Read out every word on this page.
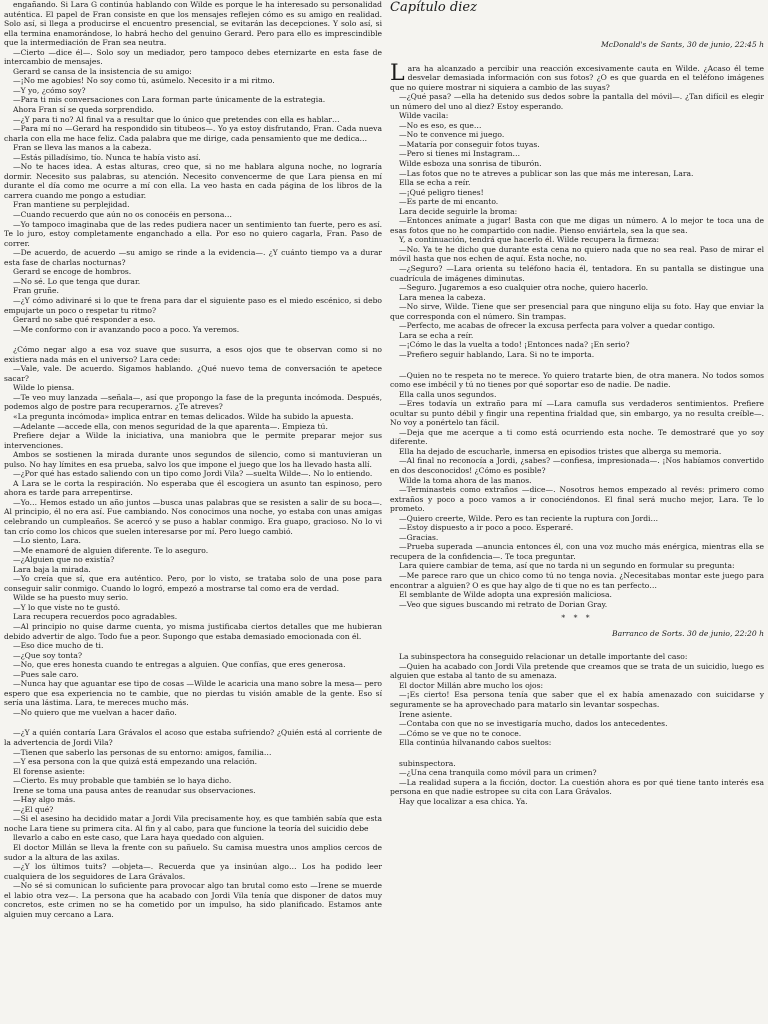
engañando. Si Lara G continúa hablando con Wilde es porque le ha interesado su personalidad auténtica. El papel de Fran consiste en que los mensajes reflejen cómo es su amigo en realidad. Solo así, si llega a producirse el encuentro presencial, se evitarán las decepciones. Y solo así, si ella termina enamorándose, lo habrá hecho del genuino Gerard. Pero para ello es imprescindible que la intermediación de Fran sea neutra.

—Cierto —dice él—. Solo soy un mediador, pero tampoco debes eternizarte en esta fase de intercambio de mensajes.

Gerard se cansa de la insistencia de su amigo:

—¡No me agobies! No soy como tú, asúmelo. Necesito ir a mi ritmo.

—Y yo, ¿cómo soy?

—Para ti mis conversaciones con Lara forman parte únicamente de la estrategia.

Ahora Fran sí se queda sorprendido.

—¿Y para ti no? Al final va a resultar que lo único que pretendes con ella es hablar…

—Para mí no —Gerard ha respondido sin titubeos—. Yo ya estoy disfrutando, Fran. Cada nueva charla con ella me hace feliz. Cada palabra que me dirige, cada pensamiento que me dedica…

Fran se lleva las manos a la cabeza.

—Estás pilladísimo, tío. Nunca te había visto así.

—No te haces idea. A estas alturas, creo que, si no me hablara alguna noche, no lograría dormir. Necesito sus palabras, su atención. Necesito convencerme de que Lara piensa en mí durante el día como me ocurre a mí con ella. La veo hasta en cada página de los libros de la carrera cuando me pongo a estudiar.

Fran mantiene su perplejidad.

—Cuando recuerdo que aún no os conocéis en persona…

—Yo tampoco imaginaba que de las redes pudiera nacer un sentimiento tan fuerte, pero es así. Te lo juro, estoy completamente enganchado a ella. Por eso no quiero cagarla, Fran. Paso de correr.

—De acuerdo, de acuerdo —su amigo se rinde a la evidencia—. ¿Y cuánto tiempo va a durar esta fase de charlas nocturnas?

Gerard se encoge de hombros.

—No sé. Lo que tenga que durar.

Fran gruñe.

—¿Y cómo adivinaré si lo que te frena para dar el siguiente paso es el miedo escénico, si debo empujarte un poco o respetar tu ritmo?

Gerard no sabe qué responder a eso.

—Me conformo con ir avanzando poco a poco. Ya veremos.

¿Cómo negar algo a esa voz suave que susurra, a esos ojos que te observan como si no existiera nada más en el universo? Lara cede:

—Vale, vale. De acuerdo. Sigamos hablando. ¿Qué nuevo tema de conversación te apetece sacar?

Wilde lo piensa.

—Te veo muy lanzada —señala—, así que propongo la fase de la pregunta incómoda. Después, podemos algo de postre para recuperarnos. ¿Te atreves?

«La pregunta incómoda» implica entrar en temas delicados. Wilde ha subido la apuesta.

—Adelante —accede ella, con menos seguridad de la que aparenta—. Empieza tú.

Prefiere dejar a Wilde la iniciativa, una maniobra que le permite preparar mejor sus intervenciones.

Ambos se sostienen la mirada durante unos segundos de silencio, como si mantuvieran un pulso. No hay límites en esa prueba, salvo los que impone el juego que los ha llevado hasta allí.

—¿Por qué has estado saliendo con un tipo como Jordi Vila? —suelta Wilde—. No lo entiendo.

A Lara se le corta la respiración. No esperaba que él escogiera un asunto tan espinoso, pero ahora es tarde para arrepentirse.

—Yo… Hemos estado un año juntos —busca unas palabras que se resisten a salir de su boca—. Al principio, él no era así. Fue cambiando. Nos conocimos una noche, yo estaba con unas amigas celebrando un cumpleaños. Se acercó y se puso a hablar conmigo. Era guapo, gracioso. No lo vi tan crío como los chicos que suelen interesarse por mí. Pero luego cambió.

—Lo siento, Lara.

—Me enamoré de alguien diferente. Te lo aseguro.

—¿Alguien que no existía?

Lara baja la mirada.

—Yo creía que sí, que era auténtico. Pero, por lo visto, se trataba solo de una pose para conseguir salir conmigo. Cuando lo logró, empezó a mostrarse tal como era de verdad.

Wilde se ha puesto muy serio.

—Y lo que viste no te gustó.

Lara recupera recuerdos poco agradables.

—Al principio no quise darme cuenta, yo misma justificaba ciertos detalles que me hubieran debido advertir de algo. Todo fue a peor. Supongo que estaba demasiado emocionada con él.

—Eso dice mucho de ti.

—¿Que soy tonta?

—No, que eres honesta cuando te entregas a alguien. Que confías, que eres generosa.

—Pues sale caro.

—Nunca hay que aguantar ese tipo de cosas —Wilde le acaricia una mano sobre la mesa— pero espero que esa experiencia no te cambie, que no pierdas tu visión amable de la gente. Eso sí sería una lástima. Lara, te mereces mucho más.

—No quiero que me vuelvan a hacer daño.

—¿Y a quién contaría Lara Grávalos el acoso que estaba sufriendo? ¿Quién está al corriente de la advertencia de Jordi Vila?

—Tienen que saberlo las personas de su entorno: amigos, familia…

—Y esa persona con la que quizá está empezando una relación.

El forense asiente:

—Cierto. Es muy probable que también se lo haya dicho.

Irene se toma una pausa antes de reanudar sus observaciones.

—Hay algo más.

—¿El qué?

—Si el asesino ha decidido matar a Jordi Vila precisamente hoy, es que también sabía que esta noche Lara tiene su primera cita. Al fin y al cabo, para que funcione la teoría del suicidio debe

llevarlo a cabo en este caso, que Lara haya quedado con alguien.

El doctor Millán se lleva la frente con su pañuelo. Su camisa muestra unos amplios cercos de sudor a la altura de las axilas.

—¿Y los últimos tuits? —objeta—. Recuerda que ya insinúan algo… Los ha podido leer cualquiera de los seguidores de Lara Grávalos.

—No sé si comunican lo suficiente para provocar algo tan brutal como esto —Irene se muerde el labio otra vez—. La persona que ha acabado con Jordi Vila tenía que disponer de datos muy concretos, este crimen no se ha cometido por un impulso, ha sido planificado. Estamos ante alguien muy cercano a Lara.

Capítulo diez
McDonald's de Sants, 30 de junio, 22:45 h

Lara ha alcanzado a percibir una reacción excesivamente cauta en Wilde. ¿Acaso él teme desvelar demasiada información con sus fotos? ¿O es que guarda en el teléfono imágenes que no quiere mostrar ni siquiera a cambio de las suyas?

—¿Qué pasa? —ella ha detenido sus dedos sobre la pantalla del móvil—. ¿Tan difícil es elegir un número del uno al diez? Estoy esperando.

Wilde vacila:

—No es eso, es que…

—No te convence mi juego.

—Mataría por conseguir fotos tuyas.

—Pero si tienes mi Instagram…

Wilde esboza una sonrisa de tiburón.

—Las fotos que no te atreves a publicar son las que más me interesan, Lara.

Ella se echa a reír.

—¡Qué peligro tienes!

—Es parte de mi encanto.

Lara decide seguirle la broma:

—Entonces anímate a jugar! Basta con que me digas un número. A lo mejor te toca una de esas fotos que no he compartido con nadie. Pienso enviártela, sea la que sea.

Y, a continuación, tendrá que hacerlo él. Wilde recupera la firmeza:

—No. Ya te he dicho que durante esta cena no quiero nada que no sea real. Paso de mirar el móvil hasta que nos echen de aquí. Esta noche, no.

—¿Seguro? —Lara orienta su teléfono hacia él, tentadora. En su pantalla se distingue una cuadrícula de imágenes diminutas.

—Seguro. Jugaremos a eso cualquier otra noche, quiero hacerlo.

Lara menea la cabeza.

—No sirve, Wilde. Tiene que ser presencial para que ninguno elija su foto. Hay que enviar la que corresponda con el número. Sin trampas.

—Perfecto, me acabas de ofrecer la excusa perfecta para volver a quedar contigo.

Lara se echa a reír.

—¡Cómo le das la vuelta a todo! ¡Entonces nada? ¡En serio?

—Prefiero seguir hablando, Lara. Si no te importa.

—Quien no te respeta no te merece. Yo quiero tratarte bien, de otra manera. No todos somos como ese imbécil y tú no tienes por qué soportar eso de nadie. De nadie.

Ella calla unos segundos.

—Eres todavía un extraño para mí —Lara camufla sus verdaderos sentimientos. Prefiere ocultar su punto débil y fingir una repentina frialdad que, sin embargo, ya no resulta creíble—. No voy a ponértelo tan fácil.

—Deja que me acerque a ti como está ocurriendo esta noche. Te demostraré que yo soy diferente.

Ella ha dejado de escucharle, inmersa en episodios tristes que alberga su memoria.

—Al final no reconocía a Jordi, ¿sabes? —confiesa, impresionada—. ¡Nos habíamos convertido en dos desconocidos! ¿Cómo es posible?

Wilde la toma ahora de las manos.

—Terminasteis como extraños —dice—. Nosotros hemos empezado al revés: primero como extraños y poco a poco vamos a ir conociéndonos. El final será mucho mejor, Lara. Te lo prometo.

—Quiero creerte, Wilde. Pero es tan reciente la ruptura con Jordi…

—Estoy dispuesto a ir poco a poco. Esperaré.

—Gracias.

—Prueba superada —anuncia entonces él, con una voz mucho más enérgica, mientras ella se recupera de la confidencia—. Te toca preguntar.

Lara quiere cambiar de tema, así que no tarda ni un segundo en formular su pregunta:

—Me parece raro que un chico como tú no tenga novia. ¿Necesitabas montar este juego para encontrar a alguien? O es que hay algo de ti que no es tan perfecto…

El semblante de Wilde adopta una expresión maliciosa.

—Veo que sigues buscando mi retrato de Dorian Gray.

* * *
Barranco de Sorts. 30 de junio, 22:20 h

La subinspectora ha conseguido relacionar un detalle importante del caso:

—Quien ha acabado con Jordi Vila pretende que creamos que se trata de un suicidio, luego es alguien que estaba al tanto de su amenaza.

El doctor Millán abre mucho los ojos:

—¡Es cierto! Esa persona tenía que saber que el ex había amenazado con suicidarse y seguramente se ha aprovechado para matarlo sin levantar sospechas.

Irene asiente.

—Contaba con que no se investigaría mucho, dados los antecedentes.

—Cómo se ve que no te conoce.

Ella continúa hilvanando cabos sueltos:

subinspectora.

—¿Una cena tranquila como móvil para un crimen?

—La realidad supera a la ficción, doctor. La cuestión ahora es por qué tiene tanto interés esa persona en que nadie estropee su cita con Lara Grávalos.

Hay que localizar a esa chica. Ya.
